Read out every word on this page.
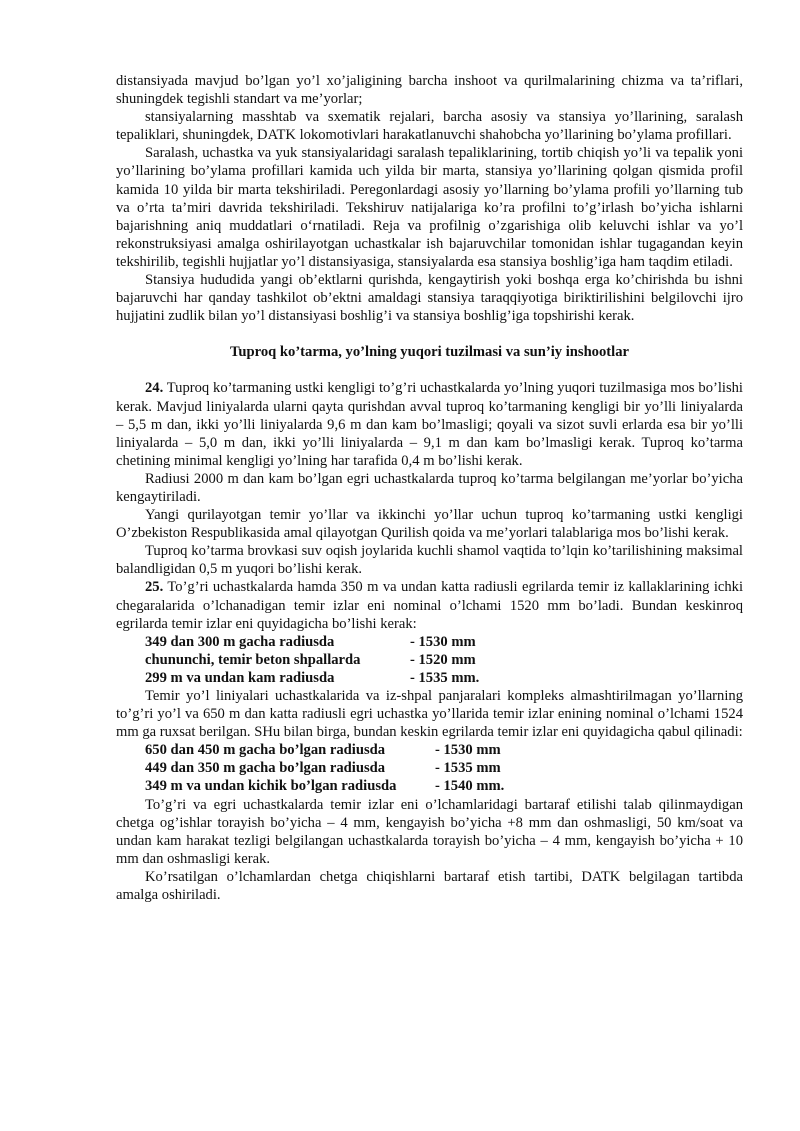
distansiyada mavjud bo’lgan yo’l xo’jaligining barcha inshoot va qurilmalarining chizma va ta’riflari, shuningdek tegishli standart va me’yorlar;

stansiyalarning masshtab va sxematik rejalari, barcha asosiy va stansiya yo’llarining, saralash tepaliklari, shuningdek, DATK lokomotivlari harakatlanuvchi shahobcha yo’llarining bo’ylama profillari.

Saralash, uchastka va yuk stansiyalaridagi saralash tepaliklarining, tortib chiqish yo’li va tepalik yoni yo’llarining bo’ylama profillari kamida uch yilda bir marta, stansiya yo’llarining qolgan qismida profil kamida 10 yilda bir marta tekshiriladi. Peregonlardagi asosiy yo’llarning bo’ylama profili yo’llarning tub va o’rta ta’miri davrida tekshiriladi. Tekshiruv natijalariga ko’ra profilni to’g’irlash bo’yicha ishlarni bajarishning aniq muddatlari o‘rnatiladi. Reja va profilnig o’zgarishiga olib keluvchi ishlar va yo’l rekonstruksiyasi amalga oshirilayotgan uchastkalar ish bajaruvchilar tomonidan ishlar tugagandan keyin tekshirilib, tegishli hujjatlar yo’l distansiyasiga, stansiyalarda esa stansiya boshlig’iga ham taqdim etiladi.

Stansiya hududida yangi ob’ektlarni qurishda, kengaytirish yoki boshqa erga ko’chirishda bu ishni bajaruvchi har qanday tashkilot ob’ektni amaldagi stansiya taraqqiyotiga biriktirilishini belgilovchi ijro hujjatini zudlik bilan yo’l distansiyasi boshlig’i va stansiya boshlig’iga topshirishi kerak.

Tuproq ko’tarma, yo’lning yuqori tuzilmasi va sun’iy inshootlar

24. Tuproq ko’tarmaning ustki kengligi to’g’ri uchastkalarda yo’lning yuqori tuzilmasiga mos bo’lishi kerak. Mavjud liniyalarda ularni qayta qurishdan avval tuproq ko’tarmaning kengligi bir yo’lli liniyalarda – 5,5 m dan, ikki yo’lli liniyalarda 9,6 m dan kam bo’lmasligi; qoyali va sizot suvli erlarda esa bir yo’lli liniyalarda – 5,0 m dan, ikki yo’lli liniyalarda – 9,1 m dan kam bo’lmasligi kerak. Tuproq ko’tarma chetining minimal kengligi yo’lning har tarafida 0,4 m bo’lishi kerak.

Radiusi 2000 m dan kam bo’lgan egri uchastkalarda tuproq ko’tarma belgilangan me’yorlar bo’yicha kengaytiriladi.

Yangi qurilayotgan temir yo’llar va ikkinchi yo’llar uchun tuproq ko’tarmaning ustki kengligi O’zbekiston Respublikasida amal qilayotgan Qurilish qoida va me’yorlari talablariga mos bo’lishi kerak.

Tuproq ko’tarma brovkasi suv oqish joylarida kuchli shamol vaqtida to’lqin ko’tarilishining maksimal balandligidan 0,5 m yuqori bo’lishi kerak.

25. To’g’ri uchastkalarda hamda 350 m va undan katta radiusli egrilarda temir iz kallaklarining ichki chegaralarida o’lchanadigan temir izlar eni nominal o’lchami 1520 mm bo’ladi. Bundan keskinroq egrilarda temir izlar eni quyidagicha bo’lishi kerak:

349 dan 300 m gacha radiusda	- 1530 mm
chununchi, temir beton shpallarda	- 1520 mm
299 m va undan kam radiusda	- 1535 mm.

Temir yo’l liniyalari uchastkalarida va iz-shpal panjaralari kompleks almashtirilmagan yo’llarning to’g’ri yo’l va 650 m dan katta radiusli egri uchastka yo’llarida temir izlar enining nominal o’lchami 1524 mm ga ruxsat berilgan. SHu bilan birga, bundan keskin egrilarda temir izlar eni quyidagicha qabul qilinadi:

650 dan 450 m gacha bo’lgan radiusda	- 1530 mm
449 dan 350 m gacha bo’lgan radiusda	- 1535 mm
349 m va undan kichik bo’lgan radiusda	- 1540 mm.

To’g’ri va egri uchastkalarda temir izlar eni o’lchamlaridagi bartaraf etilishi talab qilinmaydigan chetga og’ishlar torayish bo’yicha – 4 mm, kengayish bo’yicha +8 mm dan oshmasligi, 50 km/soat va undan kam harakat tezligi belgilangan uchastkalarda torayish bo’yicha – 4 mm, kengayish bo’yicha + 10 mm dan oshmasligi kerak.

Ko’rsatilgan o’lchamlardan chetga chiqishlarni bartaraf etish tartibi, DATK belgilagan tartibda amalga oshiriladi.
